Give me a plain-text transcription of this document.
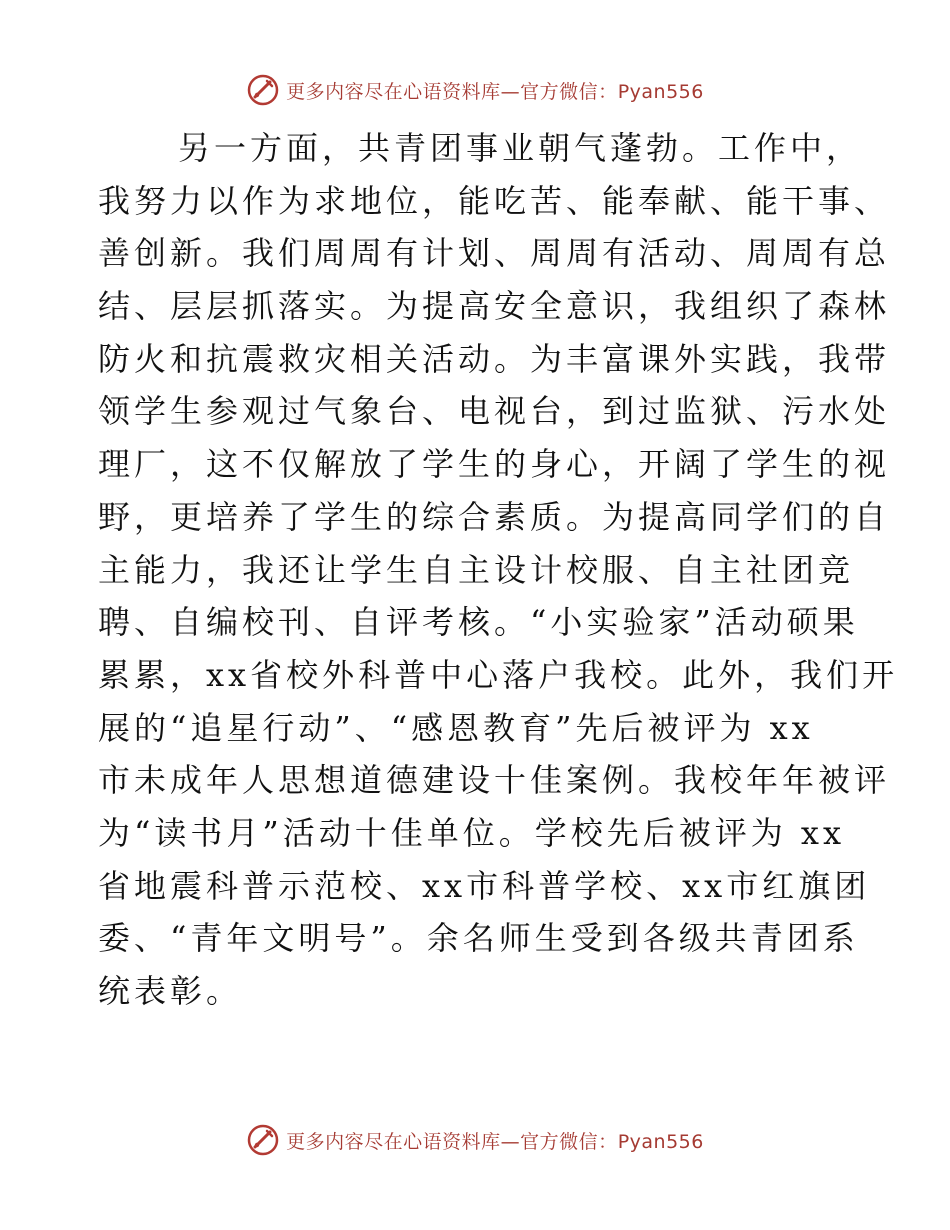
更多内容尽在心语资料库—官方微信：Pyan556
另一方面，共青团事业朝气蓬勃。工作中，
我努力以作为求地位，能吃苦、能奉献、能干事、
善创新。我们周周有计划、周周有活动、周周有总
结、层层抓落实。为提高安全意识，我组织了森林
防火和抗震救灾相关活动。为丰富课外实践，我带
领学生参观过气象台、电视台，到过监狱、污水处
理厂，这不仅解放了学生的身心，开阔了学生的视
野，更培养了学生的综合素质。为提高同学们的自
主能力，我还让学生自主设计校服、自主社团竞
聘、自编校刊、自评考核。“小实验家”活动硕果
累累，xx省校外科普中心落户我校。此外，我们开
展的“追星行动”、“感恩教育”先后被评为 xx
市未成年人思想道德建设十佳案例。我校年年被评
为“读书月”活动十佳单位。学校先后被评为 xx
省地震科普示范校、xx市科普学校、xx市红旗团
委、“青年文明号”。余名师生受到各级共青团系
统表彰。
更多内容尽在心语资料库—官方微信：Pyan556
